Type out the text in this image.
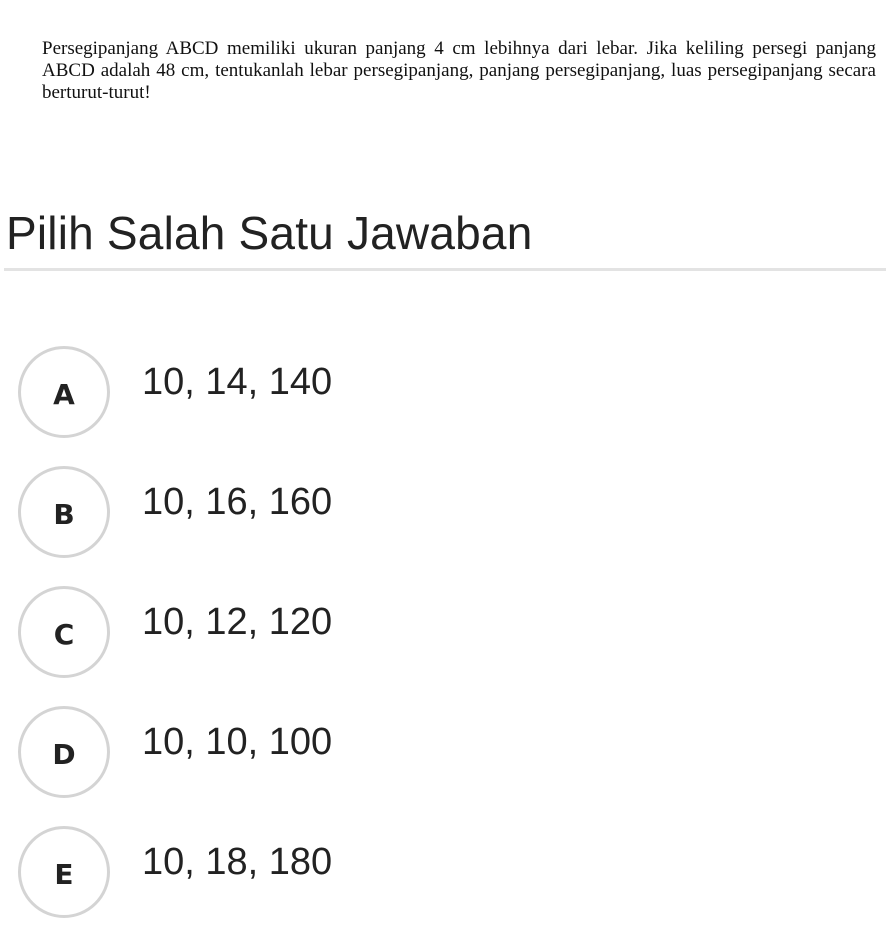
Persegipanjang ABCD memiliki ukuran panjang 4 cm lebihnya dari lebar. Jika keliling persegi panjang ABCD adalah 48 cm, tentukanlah lebar persegipanjang, panjang persegipanjang, luas persegipanjang secara berturut-turut!

Pilih Salah Satu Jawaban
A	10, 14, 140
B	10, 16, 160
C	10, 12, 120
D	10, 10, 100
E	10, 18, 180
